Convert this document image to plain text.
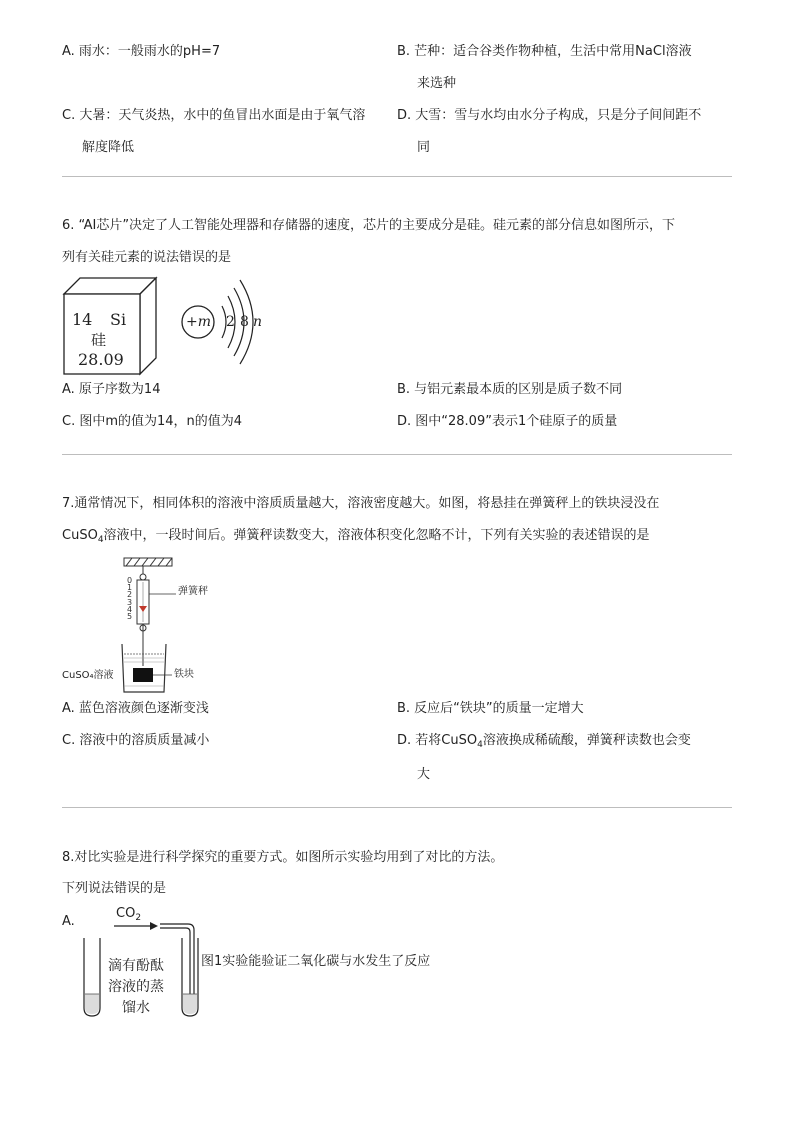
A. 雨水：一般雨水的pH=7	B. 芒种：适合谷类作物种植，生活中常用NaCl溶液
来选种
C. 大暑：天气炎热，水中的鱼冒出水面是由于氧气溶
解度降低
D. 大雪：雪与水均由水分子构成，只是分子间间距不
同
6. “AI芯片”决定了人工智能处理器和存储器的速度，芯片的主要成分是硅。硅元素的部分信息如图所示，下
列有关硅元素的说法错误的是
14 Si
硅
28.09
+m 2 8 n
A. 原子序数为14	B. 与铝元素最本质的区别是质子数不同
C. 图中m的值为14，n的值为4	D. 图中“28.09”表示1个硅原子的质量
7.通常情况下，相同体积的溶液中溶质质量越大，溶液密度越大。如图，将悬挂在弹簧秤上的铁块浸没在
CuSO$_4$溶液中，一段时间后。弹簧秤读数变大，溶液体积变化忽略不计，下列有关实验的表述错误的是
0
1
2
3
4
5
弹簧秤
CuSO₄溶液	铁块
A. 蓝色溶液颜色逐渐变浅	B. 反应后“铁块”的质量一定增大
C. 溶液中的溶质质量减小	D. 若将CuSO$_4$溶液换成稀硫酸，弹簧秤读数也会变
大
8.对比实验是进行科学探究的重要方式。如图所示实验均用到了对比的方法。
下列说法错误的是
A.
$CO_2$
滴有酚酞
溶液的蒸
馏水
图1实验能验证二氧化碳与水发生了反应
